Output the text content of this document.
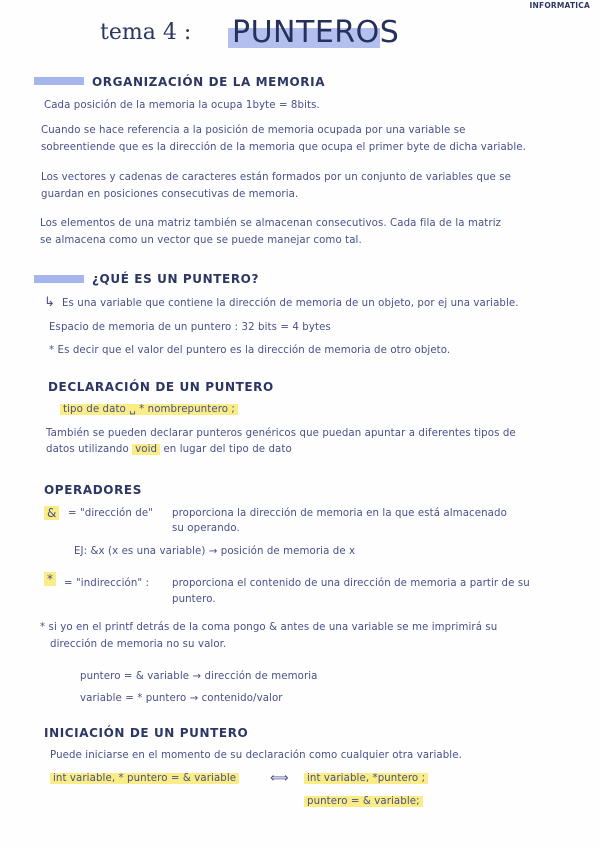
INFORMATICA
tema 4 : PUNTEROS
ORGANIZACIÓN DE LA MEMORIA
Cada posición de la memoria la ocupa 1byte = 8bits.
Cuando se hace referencia a la posición de memoria ocupada por una variable se
sobreentiende que es la dirección de la memoria que ocupa el primer byte de dicha variable.
Los vectores y cadenas de caracteres están formados por un conjunto de variables que se
guardan en posiciones consecutivas de memoria.
Los elementos de una matriz también se almacenan consecutivos. Cada fila de la matriz
se almacena como un vector que se puede manejar como tal.
¿QUÉ ES UN PUNTERO?
↳ Es una variable que contiene la dirección de memoria de un objeto, por ej una variable.
Espacio de memoria de un puntero : 32 bits = 4 bytes
* Es decir que el valor del puntero es la dirección de memoria de otro objeto.
DECLARACIÓN DE UN PUNTERO
tipo de dato ␣ * nombrepuntero ;
También se pueden declarar punteros genéricos que puedan apuntar a diferentes tipos de
datos utilizando void en lugar del tipo de dato
OPERADORES
& = "dirección de" proporciona la dirección de memoria en la que está almacenado
su operando.
EJ: &x (x es una variable) → posición de memoria de x
* = "indirección" : proporciona el contenido de una dirección de memoria a partir de su
puntero.
* si yo en el printf detrás de la coma pongo & antes de una variable se me imprimirá su
dirección de memoria no su valor.
puntero = & variable → dirección de memoria
variable = * puntero → contenido/valor
INICIACIÓN DE UN PUNTERO
Puede iniciarse en el momento de su declaración como cualquier otra variable.
int variable, * puntero = & variable	⟺ int variable, *puntero ;
puntero = & variable;
